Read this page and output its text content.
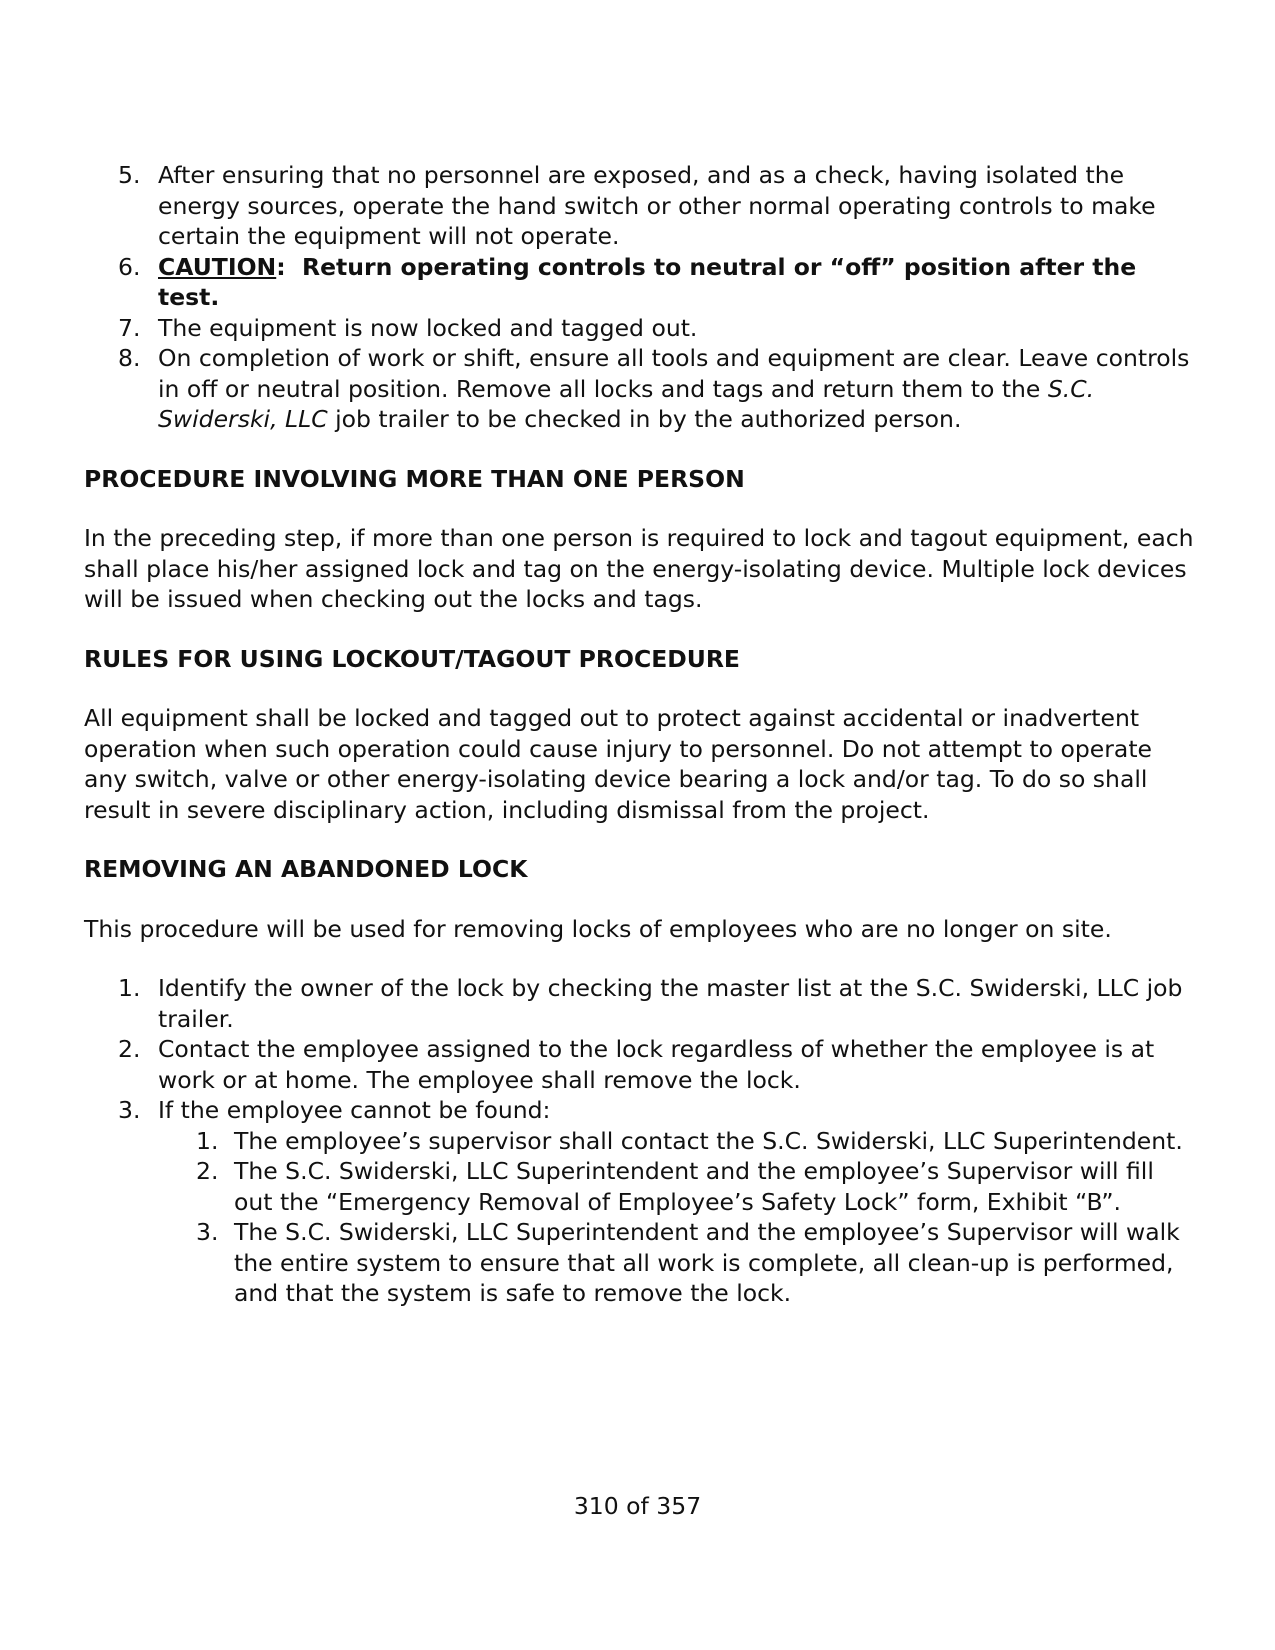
5. After ensuring that no personnel are exposed, and as a check, having isolated the energy sources, operate the hand switch or other normal operating controls to make certain the equipment will not operate.
6. CAUTION: Return operating controls to neutral or “off” position after the test.
7. The equipment is now locked and tagged out.
8. On completion of work or shift, ensure all tools and equipment are clear. Leave controls in off or neutral position. Remove all locks and tags and return them to the S.C. Swiderski, LLC job trailer to be checked in by the authorized person.

PROCEDURE INVOLVING MORE THAN ONE PERSON

In the preceding step, if more than one person is required to lock and tagout equipment, each shall place his/her assigned lock and tag on the energy-isolating device. Multiple lock devices will be issued when checking out the locks and tags.

RULES FOR USING LOCKOUT/TAGOUT PROCEDURE

All equipment shall be locked and tagged out to protect against accidental or inadvertent operation when such operation could cause injury to personnel. Do not attempt to operate any switch, valve or other energy-isolating device bearing a lock and/or tag. To do so shall result in severe disciplinary action, including dismissal from the project.

REMOVING AN ABANDONED LOCK

This procedure will be used for removing locks of employees who are no longer on site.

1. Identify the owner of the lock by checking the master list at the S.C. Swiderski, LLC job trailer.
2. Contact the employee assigned to the lock regardless of whether the employee is at work or at home. The employee shall remove the lock.
3. If the employee cannot be found:
1. The employee’s supervisor shall contact the S.C. Swiderski, LLC Superintendent.
2. The S.C. Swiderski, LLC Superintendent and the employee’s Supervisor will fill out the “Emergency Removal of Employee’s Safety Lock” form, Exhibit “B”.
3. The S.C. Swiderski, LLC Superintendent and the employee’s Supervisor will walk the entire system to ensure that all work is complete, all clean-up is performed, and that the system is safe to remove the lock.
310 of 357
